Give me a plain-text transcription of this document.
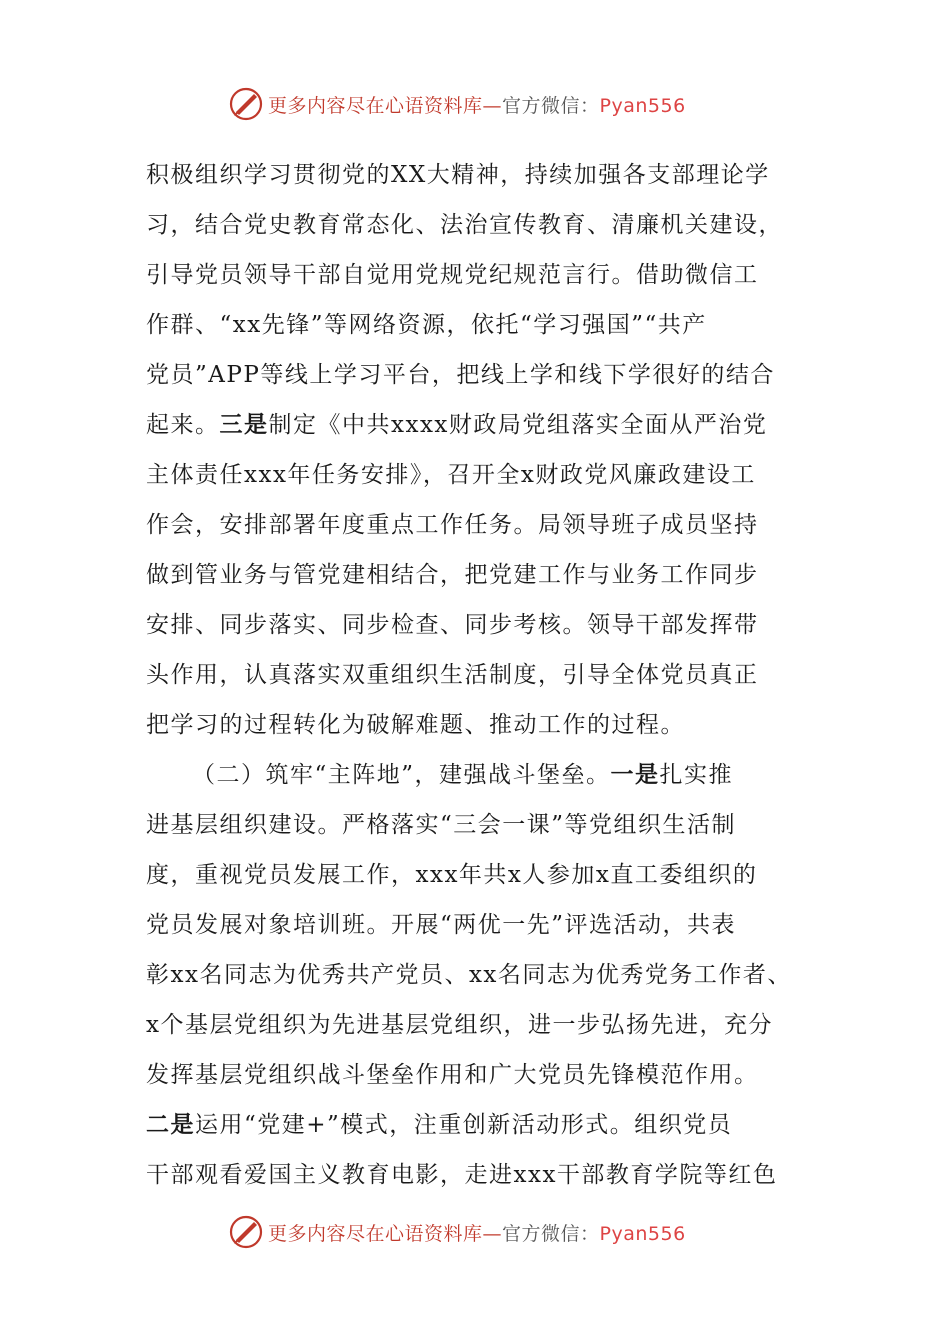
更多内容尽在心语资料库—官方微信：Pyan556
积极组织学习贯彻党的XX大精神，持续加强各支部理论学
习，结合党史教育常态化、法治宣传教育、清廉机关建设，
引导党员领导干部自觉用党规党纪规范言行。借助微信工
作群、“xx先锋”等网络资源，依托“学习强国”“共产
党员”APP等线上学习平台，把线上学和线下学很好的结合
起来。三是制定《中共xxxx财政局党组落实全面从严治党
主体责任xxx年任务安排》，召开全x财政党风廉政建设工
作会，安排部署年度重点工作任务。局领导班子成员坚持
做到管业务与管党建相结合，把党建工作与业务工作同步
安排、同步落实、同步检查、同步考核。领导干部发挥带
头作用，认真落实双重组织生活制度，引导全体党员真正
把学习的过程转化为破解难题、推动工作的过程。
（二）筑牢“主阵地”，建强战斗堡垒。一是扎实推
进基层组织建设。严格落实“三会一课”等党组织生活制
度，重视党员发展工作，xxx年共x人参加x直工委组织的
党员发展对象培训班。开展“两优一先”评选活动，共表
彰xx名同志为优秀共产党员、xx名同志为优秀党务工作者、
x个基层党组织为先进基层党组织，进一步弘扬先进，充分
发挥基层党组织战斗堡垒作用和广大党员先锋模范作用。
二是运用“党建+”模式，注重创新活动形式。组织党员
干部观看爱国主义教育电影，走进xxx干部教育学院等红色
更多内容尽在心语资料库—官方微信：Pyan556
